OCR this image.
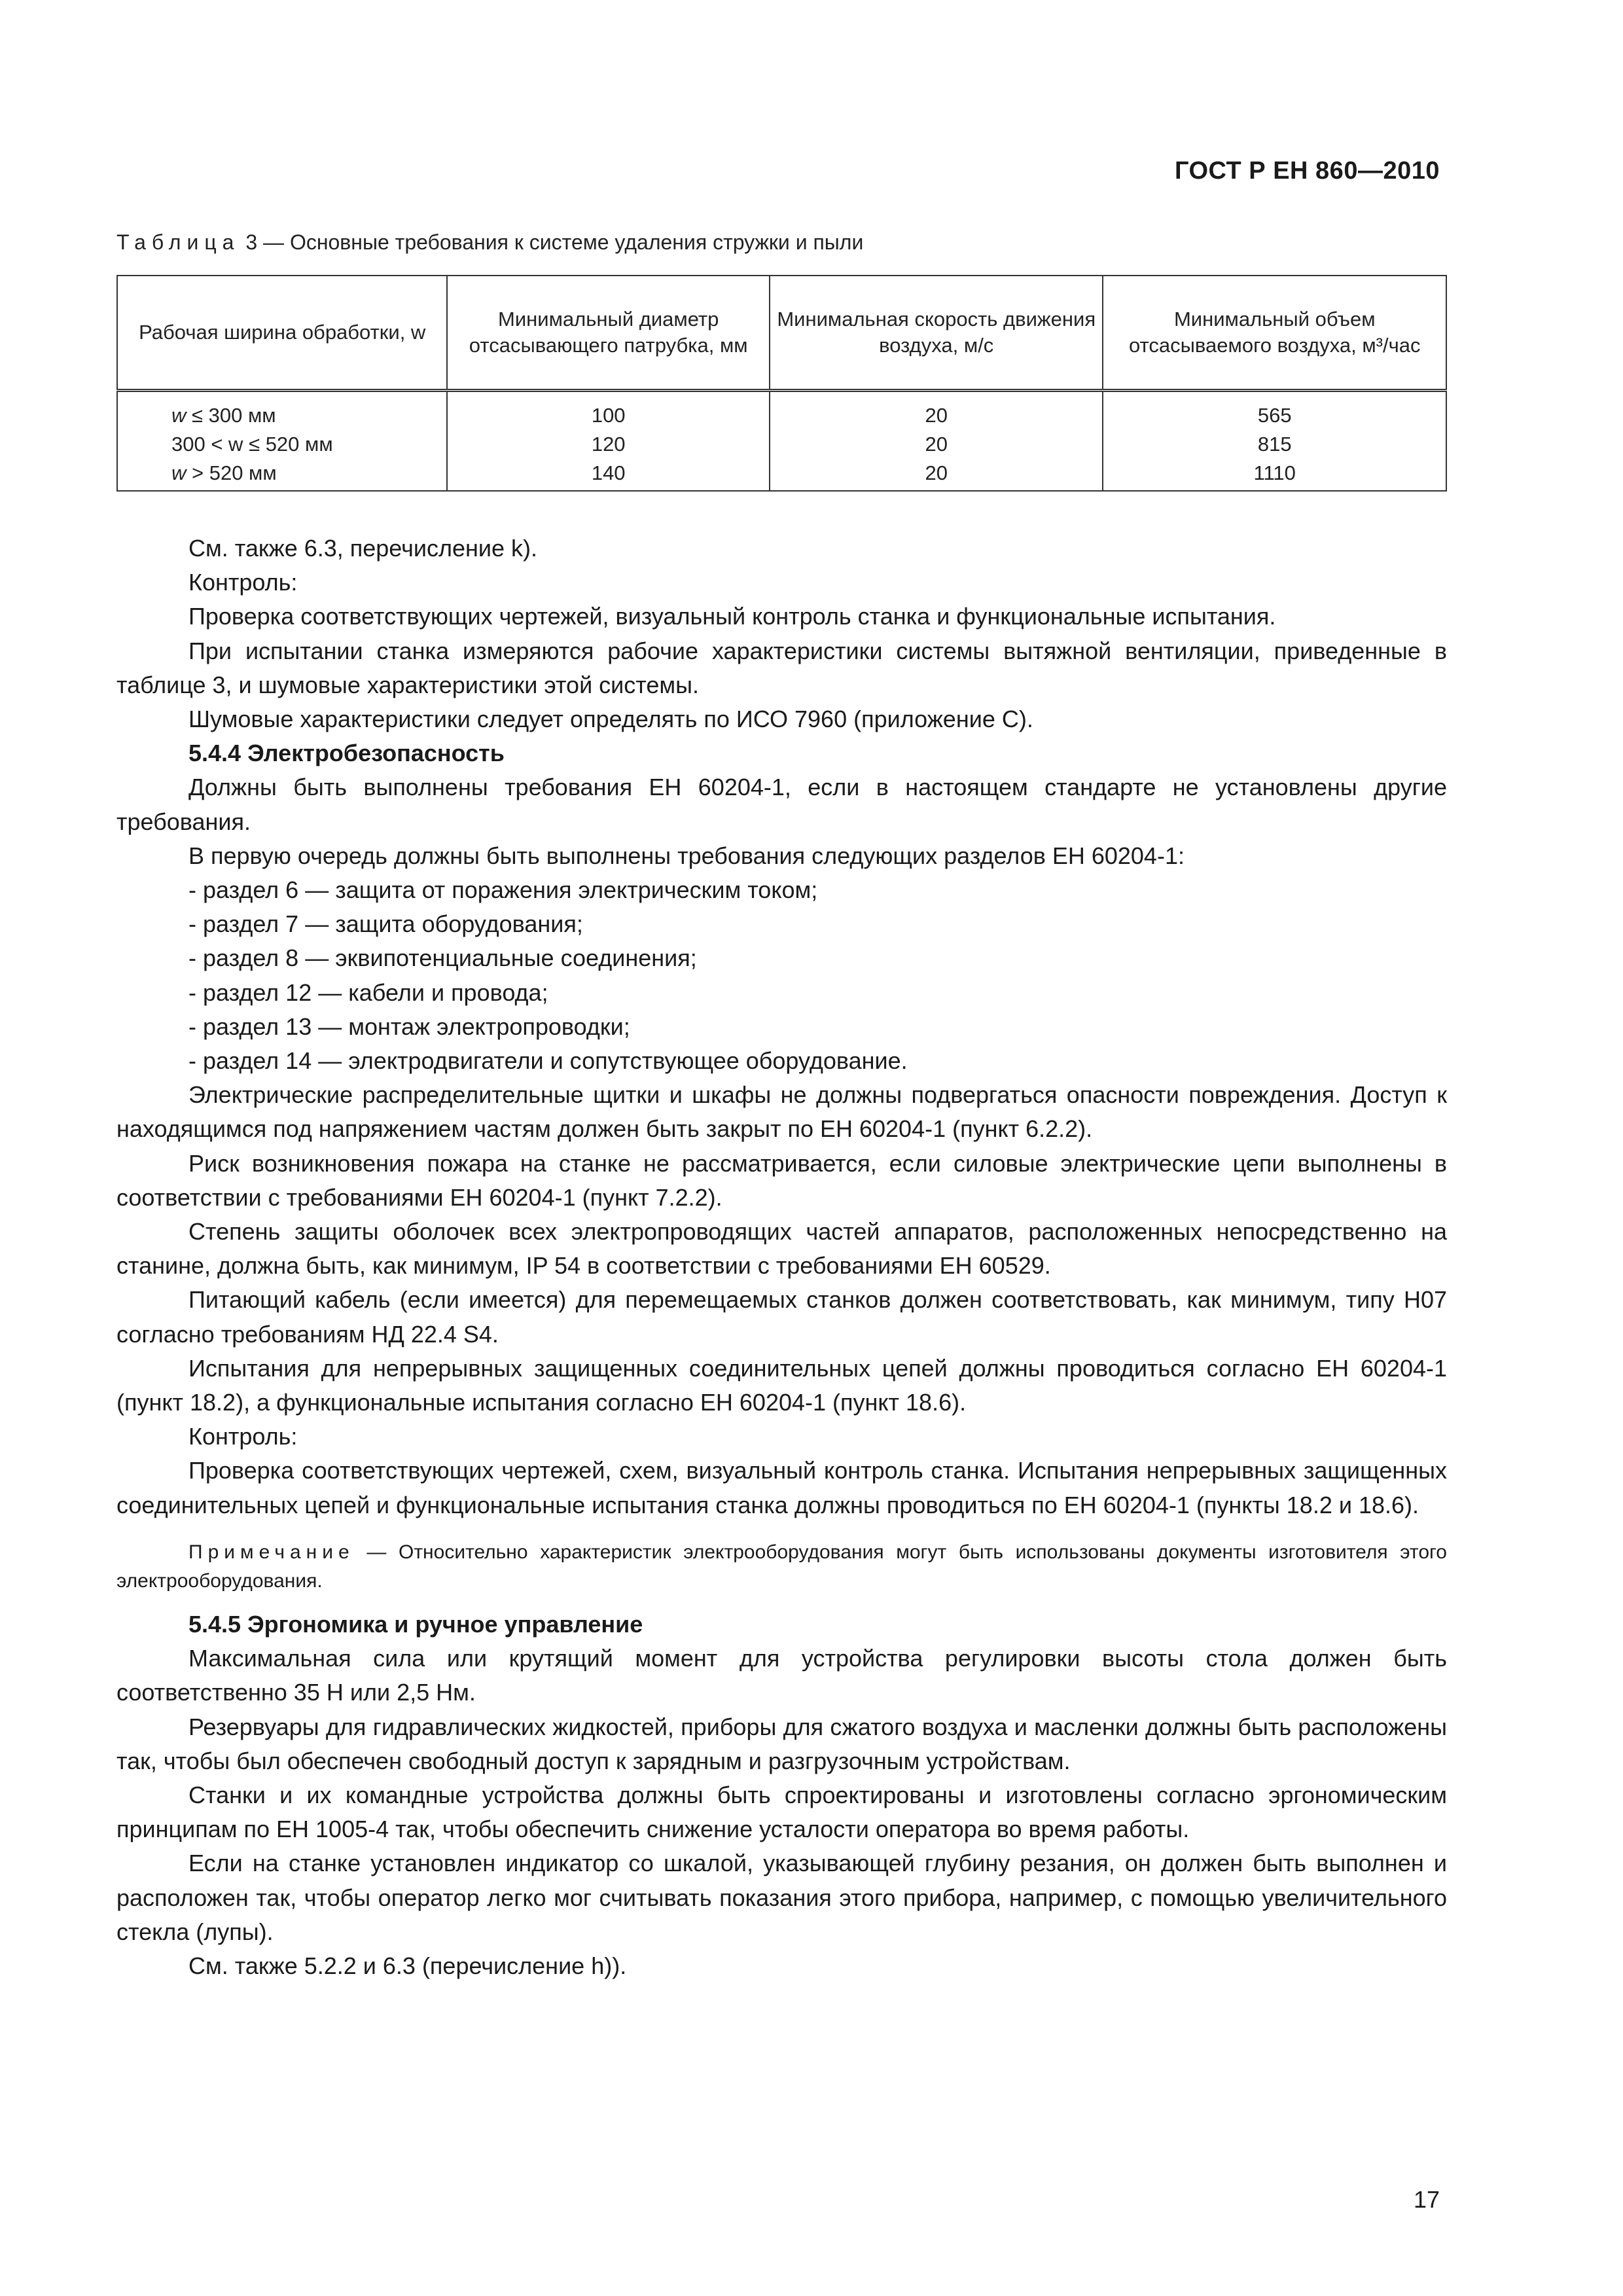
ГОСТ Р ЕН 860—2010
Таблица 3 — Основные требования к системе удаления стружки и пыли
Рабочая ширина обработки, w	Минимальный диаметр отсасывающего патрубка, мм	Минимальная скорость движения воздуха, м/с	Минимальный объем отсасываемого воздуха, м³/час
w ≤ 300 мм	100	20	565
300 < w ≤ 520 мм	120	20	815
w > 520 мм	140	20	1110

См. также 6.3, перечисление k).

Контроль:

Проверка соответствующих чертежей, визуальный контроль станка и функциональные испытания.

При испытании станка измеряются рабочие характеристики системы вытяжной вентиляции, приведенные в таблице 3, и шумовые характеристики этой системы.

Шумовые характеристики следует определять по ИСО 7960 (приложение С).

5.4.4 Электробезопасность

Должны быть выполнены требования ЕН 60204-1, если в настоящем стандарте не установлены другие требования.

В первую очередь должны быть выполнены требования следующих разделов ЕН 60204-1:

- раздел 6 — защита от поражения электрическим током;

- раздел 7 — защита оборудования;

- раздел 8 — эквипотенциальные соединения;

- раздел 12 — кабели и провода;

- раздел 13 — монтаж электропроводки;

- раздел 14 — электродвигатели и сопутствующее оборудование.

Электрические распределительные щитки и шкафы не должны подвергаться опасности повреждения. Доступ к находящимся под напряжением частям должен быть закрыт по ЕН 60204-1 (пункт 6.2.2).

Риск возникновения пожара на станке не рассматривается, если силовые электрические цепи выполнены в соответствии с требованиями ЕН 60204-1 (пункт 7.2.2).

Степень защиты оболочек всех электропроводящих частей аппаратов, расположенных непосредственно на станине, должна быть, как минимум, IP 54 в соответствии с требованиями ЕН 60529.

Питающий кабель (если имеется) для перемещаемых станков должен соответствовать, как минимум, типу Н07 согласно требованиям НД 22.4 S4.

Испытания для непрерывных защищенных соединительных цепей должны проводиться согласно ЕН 60204-1 (пункт 18.2), а функциональные испытания согласно ЕН 60204-1 (пункт 18.6).

Контроль:

Проверка соответствующих чертежей, схем, визуальный контроль станка. Испытания непрерывных защищенных соединительных цепей и функциональные испытания станка должны проводиться по ЕН 60204-1 (пункты 18.2 и 18.6).

Примечание — Относительно характеристик электрооборудования могут быть использованы документы изготовителя этого электрооборудования.

5.4.5 Эргономика и ручное управление

Максимальная сила или крутящий момент для устройства регулировки высоты стола должен быть соответственно 35 Н или 2,5 Нм.

Резервуары для гидравлических жидкостей, приборы для сжатого воздуха и масленки должны быть расположены так, чтобы был обеспечен свободный доступ к зарядным и разгрузочным устройствам.

Станки и их командные устройства должны быть спроектированы и изготовлены согласно эргономическим принципам по ЕН 1005-4 так, чтобы обеспечить снижение усталости оператора во время работы.

Если на станке установлен индикатор со шкалой, указывающей глубину резания, он должен быть выполнен и расположен так, чтобы оператор легко мог считывать показания этого прибора, например, с помощью увеличительного стекла (лупы).

См. также 5.2.2 и 6.3 (перечисление h)).

17
